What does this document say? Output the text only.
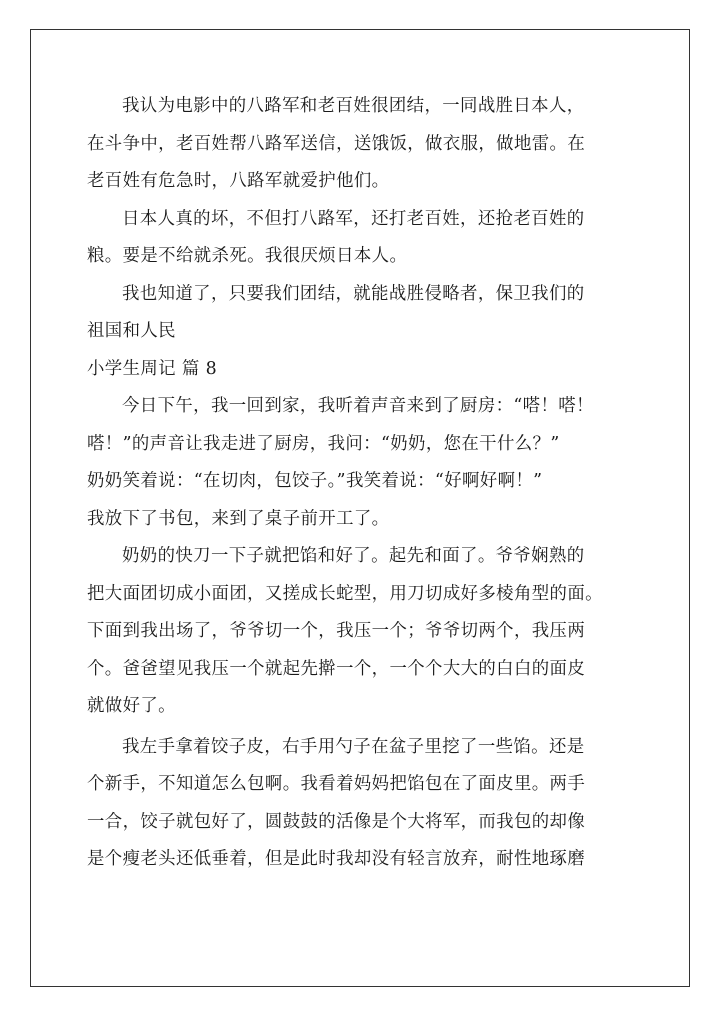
我认为电影中的八路军和老百姓很团结，一同战胜日本人，
在斗争中，老百姓帮八路军送信，送饿饭，做衣服，做地雷。在
老百姓有危急时，八路军就爱护他们。
日本人真的坏，不但打八路军，还打老百姓，还抢老百姓的
粮。要是不给就杀死。我很厌烦日本人。
我也知道了，只要我们团结，就能战胜侵略者，保卫我们的
祖国和人民
小学生周记 篇 8
今日下午，我一回到家，我听着声音来到了厨房：“嗒！嗒！
嗒！”的声音让我走进了厨房，我问：“奶奶，您在干什么？”
奶奶笑着说：“在切肉，包饺子。”我笑着说：“好啊好啊！”
我放下了书包，来到了桌子前开工了。
奶奶的快刀一下子就把馅和好了。起先和面了。爷爷娴熟的
把大面团切成小面团，又搓成长蛇型，用刀切成好多棱角型的面。
下面到我出场了，爷爷切一个，我压一个；爷爷切两个，我压两
个。爸爸望见我压一个就起先擀一个，一个个大大的白白的面皮
就做好了。
我左手拿着饺子皮，右手用勺子在盆子里挖了一些馅。还是
个新手，不知道怎么包啊。我看着妈妈把馅包在了面皮里。两手
一合，饺子就包好了，圆鼓鼓的活像是个大将军，而我包的却像
是个瘦老头还低垂着，但是此时我却没有轻言放弃，耐性地琢磨
